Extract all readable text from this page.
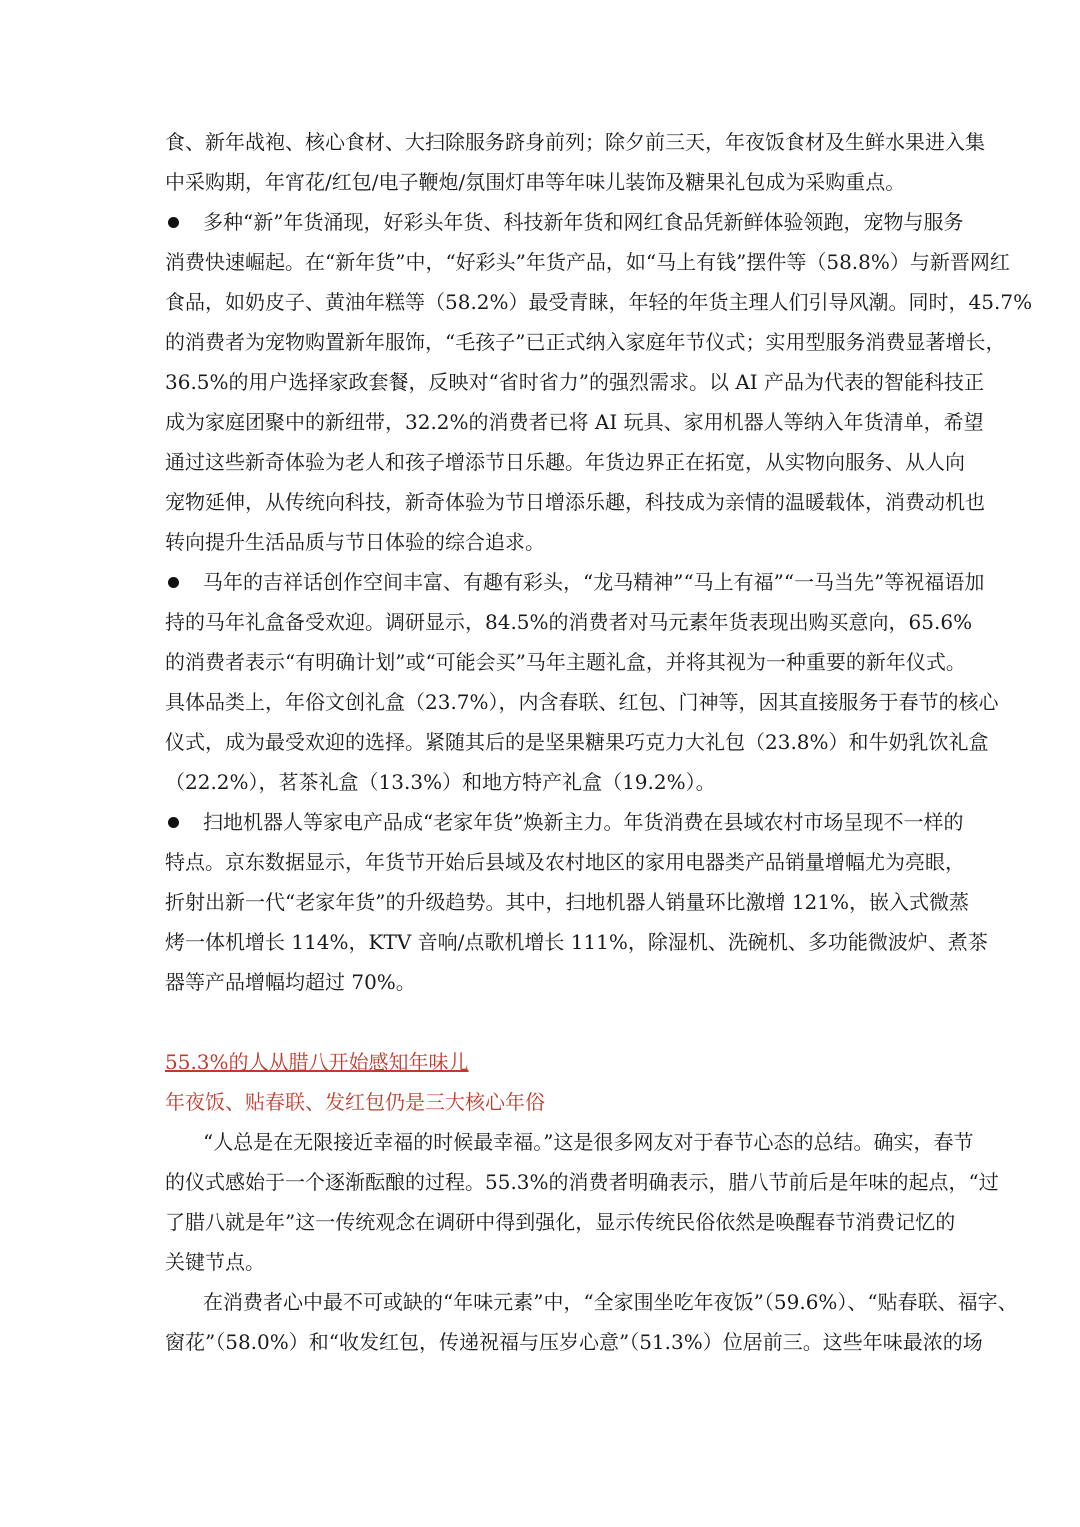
食、新年战袍、核心食材、大扫除服务跻身前列；除夕前三天，年夜饭食材及生鲜水果进入集
中采购期，年宵花/红包/电子鞭炮/氛围灯串等年味儿装饰及糖果礼包成为采购重点。
多种“新”年货涌现，好彩头年货、科技新年货和网红食品凭新鲜体验领跑，宠物与服务
消费快速崛起。在“新年货”中，“好彩头”年货产品，如“马上有钱”摆件等（58.8%）与新晋网红
食品，如奶皮子、黄油年糕等（58.2%）最受青睐，年轻的年货主理人们引导风潮。同时，45.7%
的消费者为宠物购置新年服饰，“毛孩子”已正式纳入家庭年节仪式；实用型服务消费显著增长，
36.5%的用户选择家政套餐，反映对“省时省力”的强烈需求。以 AI 产品为代表的智能科技正
成为家庭团聚中的新纽带，32.2%的消费者已将 AI 玩具、家用机器人等纳入年货清单，希望
通过这些新奇体验为老人和孩子增添节日乐趣。年货边界正在拓宽，从实物向服务、从人向
宠物延伸，从传统向科技，新奇体验为节日增添乐趣，科技成为亲情的温暖载体，消费动机也
转向提升生活品质与节日体验的综合追求。
马年的吉祥话创作空间丰富、有趣有彩头，“龙马精神”“马上有福”“一马当先”等祝福语加
持的马年礼盒备受欢迎。调研显示，84.5%的消费者对马元素年货表现出购买意向，65.6%
的消费者表示“有明确计划”或“可能会买”马年主题礼盒，并将其视为一种重要的新年仪式。
具体品类上，年俗文创礼盒（23.7%），内含春联、红包、门神等，因其直接服务于春节的核心
仪式，成为最受欢迎的选择。紧随其后的是坚果糖果巧克力大礼包（23.8%）和牛奶乳饮礼盒
（22.2%），茗茶礼盒（13.3%）和地方特产礼盒（19.2%）。
扫地机器人等家电产品成“老家年货”焕新主力。年货消费在县域农村市场呈现不一样的
特点。京东数据显示，年货节开始后县域及农村地区的家用电器类产品销量增幅尤为亮眼，
折射出新一代“老家年货”的升级趋势。其中，扫地机器人销量环比激增 121%，嵌入式微蒸
烤一体机增长 114%，KTV 音响/点歌机增长 111%，除湿机、洗碗机、多功能微波炉、煮茶
器等产品增幅均超过 70%。
55.3%的人从腊八开始感知年味儿
年夜饭、贴春联、发红包仍是三大核心年俗
“人总是在无限接近幸福的时候最幸福。”这是很多网友对于春节心态的总结。确实，春节
的仪式感始于一个逐渐酝酿的过程。55.3%的消费者明确表示，腊八节前后是年味的起点，“过
了腊八就是年”这一传统观念在调研中得到强化，显示传统民俗依然是唤醒春节消费记忆的
关键节点。
在消费者心中最不可或缺的“年味元素”中，“全家围坐吃年夜饭”（59.6%）、“贴春联、福字、
窗花”（58.0%）和“收发红包，传递祝福与压岁心意”（51.3%）位居前三。这些年味最浓的场
